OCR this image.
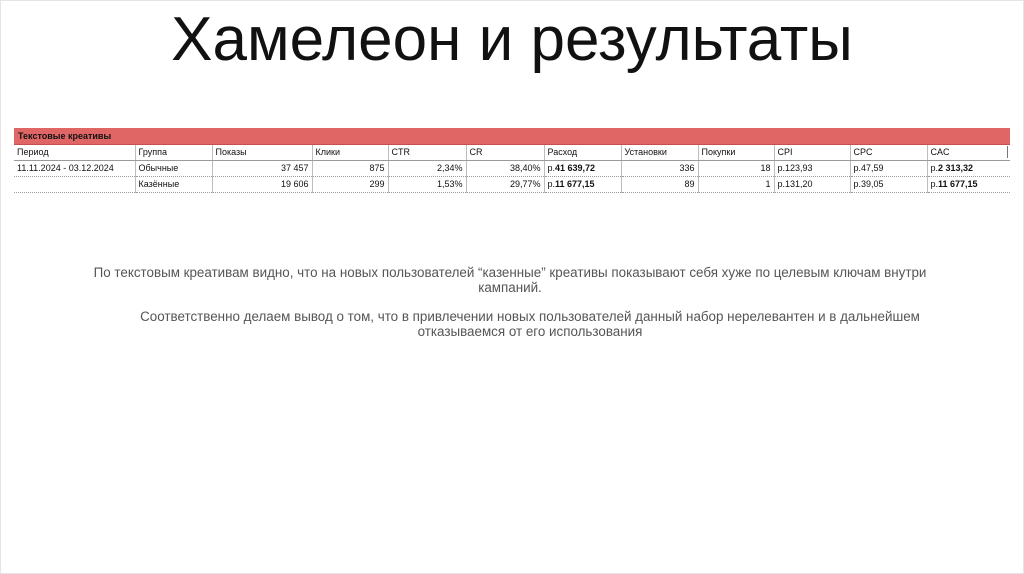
Хамелеон и результаты
Текстовые креативы
Период	Группа	Показы	Клики	CTR	CR	Расход	Установки	Покупки	CPI	CPC	CAC
11.11.2024 - 03.12.2024	Обычные	37 457	875	2,34%	38,40%	р.41 639,72	336	18	р.123,93	р.47,59	р.2 313,32
	Казённые	19 606	299	1,53%	29,77%	р.11 677,15	89	1	р.131,20	р.39,05	р.11 677,15
По текстовым креативам видно, что на новых пользователей “казенные” креативы показывают себя хуже по целевым ключам внутри кампаний.
Соответственно делаем вывод о том, что в привлечении новых пользователей данный набор нерелевантен и в дальнейшем отказываемся от его использования
